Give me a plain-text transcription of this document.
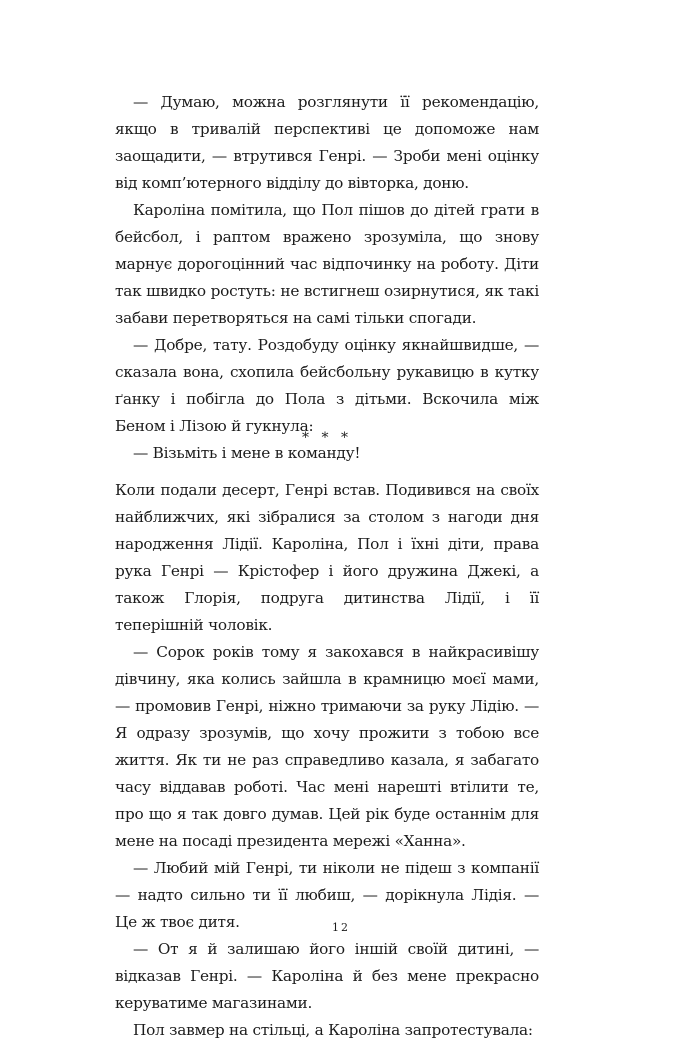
— Думаю, можна розглянути її рекомендацію, якщо в тривалій перспективі це допоможе нам заощадити, — втрутився Генрі. — Зроби мені оцінку від комп’ютерного відділу до вівторка, доню.

Кароліна помітила, що Пол пішов до дітей грати в бейсбол, і раптом вражено зрозуміла, що знову марнує дорогоцінний час відпочинку на роботу. Діти так швидко ростуть: не встигнеш озирнутися, як такі забави перетворяться на самі тільки спогади.

— Добре, тату. Роздобуду оцінку якнайшвидше, — сказала вона, схопила бейсбольну рукавицю в кутку ґанку і побігла до Пола з дітьми. Вскочила між Беном і Лізою й гукнула:

— Візьміть і мене в команду!

* * *

Коли подали десерт, Генрі встав. Подивився на своїх найближчих, які зібралися за столом з нагоди дня народження Лідії. Кароліна, Пол і їхні діти, права рука Генрі — Крістофер і його дружина Джекі, а також Глорія, подруга дитинства Лідії, і її теперішній чоловік.

— Сорок років тому я закохався в найкрасивішу дівчину, яка колись зайшла в крамницю моєї мами, — промовив Генрі, ніжно тримаючи за руку Лідію. — Я одразу зрозумів, що хочу прожити з тобою все життя. Як ти не раз справедливо казала, я забагато часу віддавав роботі. Час мені нарешті втілити те, про що я так довго думав. Цей рік буде останнім для мене на посаді президента мережі «Ханна».

— Любий мій Генрі, ти ніколи не підеш з компанії — надто сильно ти її любиш, — дорікнула Лідія. — Це ж твоє дитя.

— От я й залишаю його іншій своїй дитині, — відказав Генрі. — Кароліна й без мене прекрасно керуватиме магазинами.

Пол завмер на стільці, а Кароліна запротестувала:

12
